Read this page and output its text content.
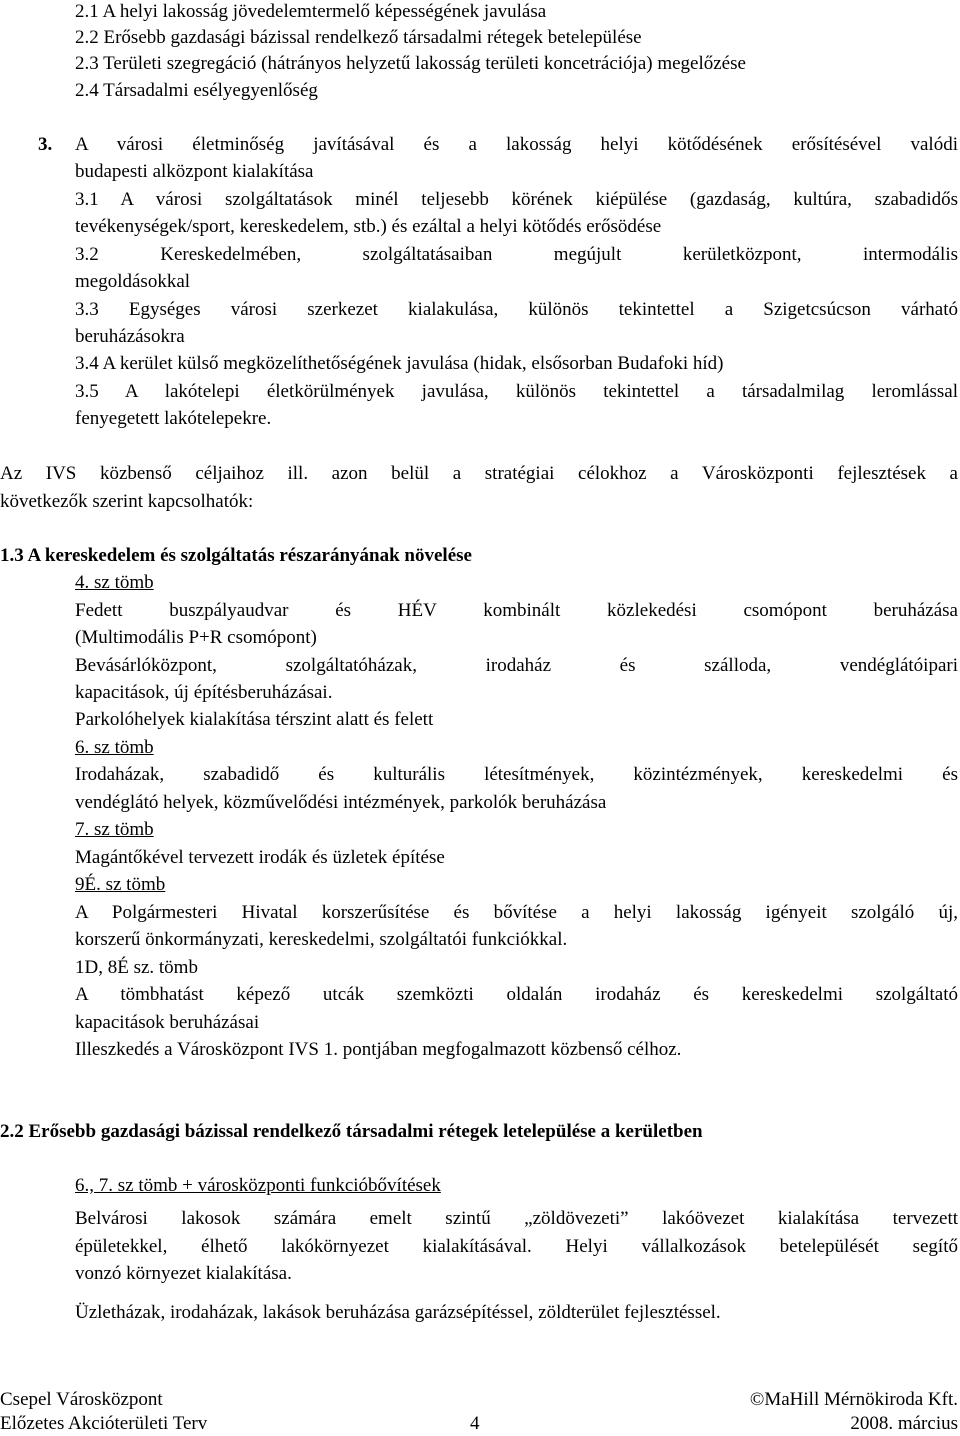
2.1 A helyi lakosság jövedelemtermelő képességének javulása
2.2 Erősebb gazdasági bázissal rendelkező társadalmi rétegek betelepülése
2.3 Területi szegregáció (hátrányos helyzetű lakosság területi koncetrációja) megelőzése
2.4 Társadalmi esélyegyenlőség
3. A városi életminőség javításával és a lakosság helyi kötődésének erősítésével valódi
budapesti alközpont kialakítása
3.1 A városi szolgáltatások minél teljesebb körének kiépülése (gazdaság, kultúra, szabadidős
tevékenységek/sport, kereskedelem, stb.) és ezáltal a helyi kötődés erősödése
3.2 Kereskedelmében, szolgáltatásaiban megújult kerületközpont, intermodális
megoldásokkal
3.3 Egységes városi szerkezet kialakulása, különös tekintettel a Szigetcsúcson várható
beruházásokra
3.4 A kerület külső megközelíthetőségének javulása (hidak, elsősorban Budafoki híd)
3.5 A lakótelepi életkörülmények javulása, különös tekintettel a társadalmilag leromlással
fenyegetett lakótelepekre.
Az IVS közbenső céljaihoz ill. azon belül a stratégiai célokhoz a Városközponti fejlesztések a
következők szerint kapcsolhatók:
1.3 A kereskedelem és szolgáltatás részarányának növelése
4. sz tömb
Fedett buszpályaudvar és HÉV kombinált közlekedési csomópont beruházása
(Multimodális P+R csomópont)
Bevásárlóközpont, szolgáltatóházak, irodaház és szálloda, vendéglátóipari
kapacitások, új építésberuházásai.
Parkolóhelyek kialakítása térszint alatt és felett
6. sz tömb
Irodaházak, szabadidő és kulturális létesítmények, közintézmények, kereskedelmi és
vendéglátó helyek, közművelődési intézmények, parkolók beruházása
7. sz tömb
Magántőkével tervezett irodák és üzletek építése
9É. sz tömb
A Polgármesteri Hivatal korszerűsítése és bővítése a helyi lakosság igényeit szolgáló új,
korszerű önkormányzati, kereskedelmi, szolgáltatói funkciókkal.
1D, 8É sz. tömb
A tömbhatást képező utcák szemközti oldalán irodaház és kereskedelmi szolgáltató
kapacitások beruházásai
Illeszkedés a Városközpont IVS 1. pontjában megfogalmazott közbenső célhoz.
2.2 Erősebb gazdasági bázissal rendelkező társadalmi rétegek letelepülése a kerületben
6., 7. sz tömb + városközponti funkcióbővítések
Belvárosi lakosok számára emelt szintű „zöldövezeti” lakóövezet kialakítása tervezett
épületekkel, élhető lakókörnyezet kialakításával. Helyi vállalkozások betelepülését segítő
vonzó környezet kialakítása.
Üzletházak, irodaházak, lakások beruházása garázsépítéssel, zöldterület fejlesztéssel.
Csepel Városközpont	©MaHill Mérnökiroda Kft.
Előzetes Akcióterületi Terv	4	2008. március
